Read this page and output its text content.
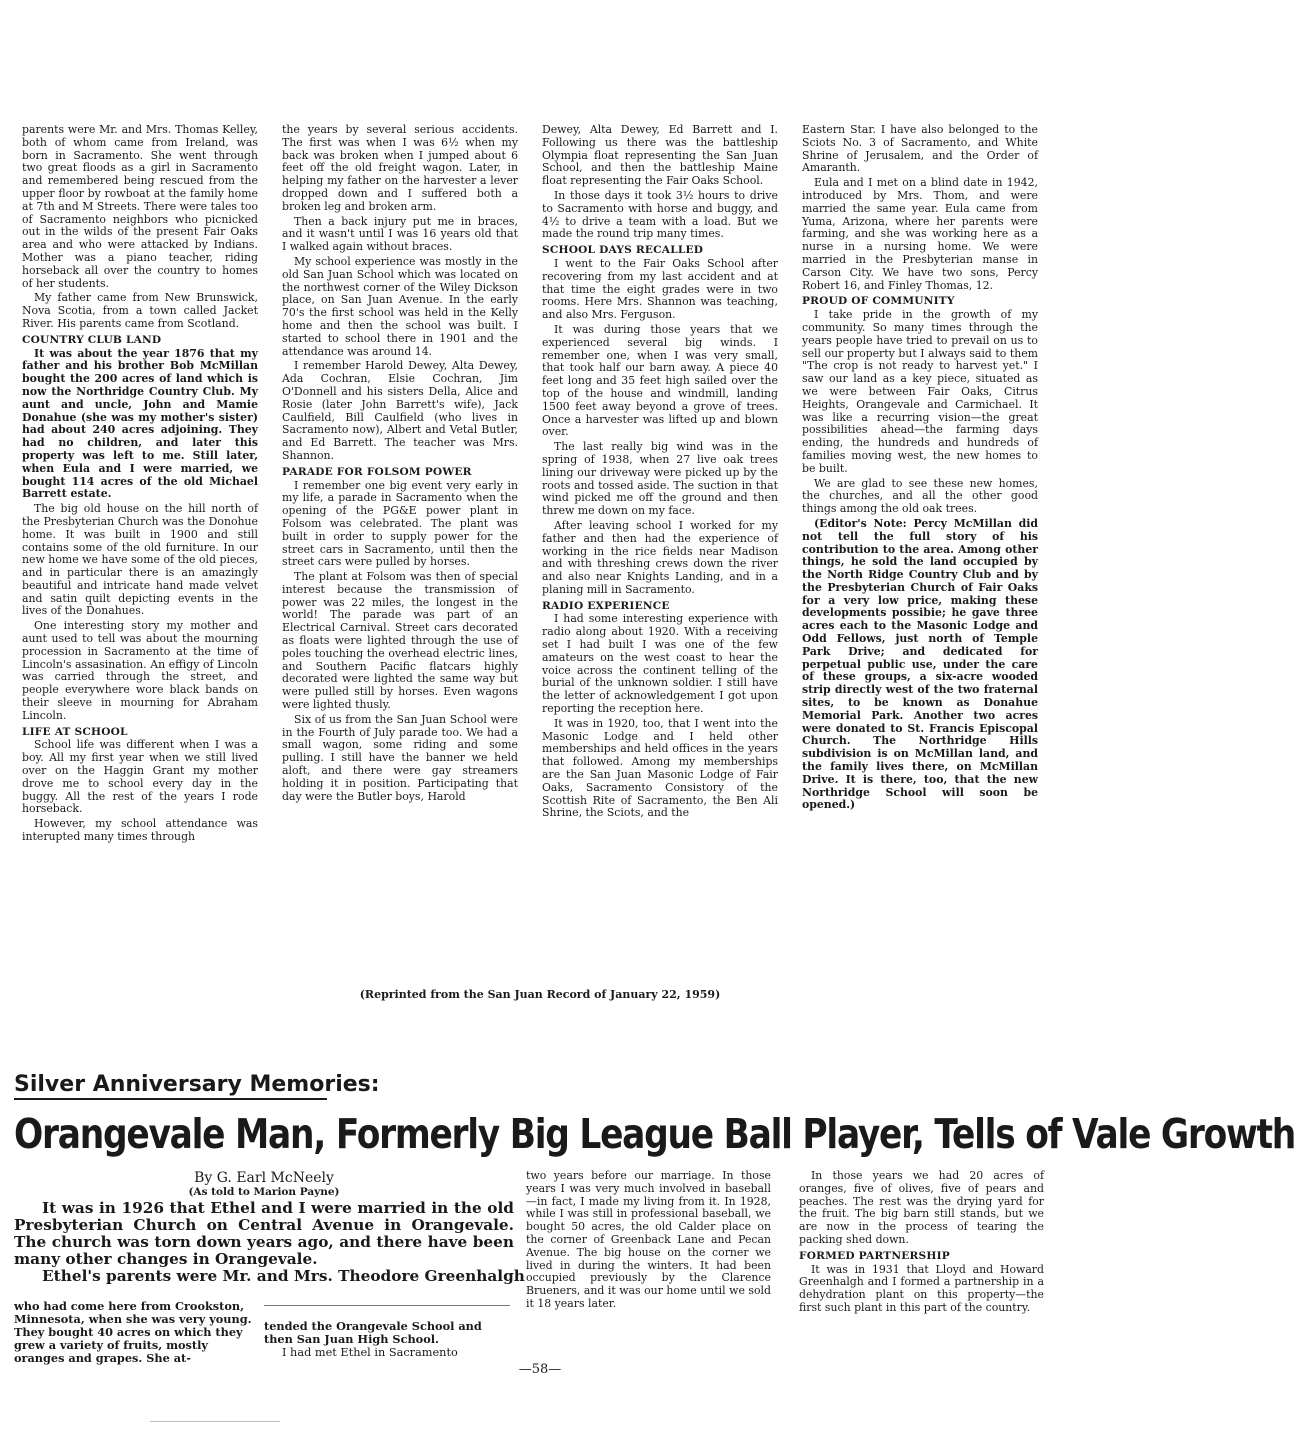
parents were Mr. and Mrs. Thomas Kelley, both of whom came from Ireland, was born in Sacramento. She went through two great floods as a girl in Sacramento and remembered being rescued from the upper floor by rowboat at the family home at 7th and M Streets. There were tales too of Sacramento neighbors who picnicked out in the wilds of the present Fair Oaks area and who were attacked by Indians. Mother was a piano teacher, riding horseback all over the country to homes of her students.

My father came from New Brunswick, Nova Scotia, from a town called Jacket River. His parents came from Scotland.

COUNTRY CLUB LAND

It was about the year 1876 that my father and his brother Bob McMillan bought the 200 acres of land which is now the Northridge Country Club. My aunt and uncle, John and Mamie Donahue (she was my mother's sister) had about 240 acres adjoining. They had no children, and later this property was left to me. Still later, when Eula and I were married, we bought 114 acres of the old Michael Barrett estate.

The big old house on the hill north of the Presbyterian Church was the Donohue home. It was built in 1900 and still contains some of the old furniture. In our new home we have some of the old pieces, and in particular there is an amazingly beautiful and intricate hand made velvet and satin quilt depicting events in the lives of the Donahues.

One interesting story my mother and aunt used to tell was about the mourning procession in Sacramento at the time of Lincoln's assasination. An effigy of Lincoln was carried through the street, and people everywhere wore black bands on their sleeve in mourning for Abraham Lincoln.

LIFE AT SCHOOL

School life was different when I was a boy. All my first year when we still lived over on the Haggin Grant my mother drove me to school every day in the buggy. All the rest of the years I rode horseback.

However, my school attendance was interupted many times through

the years by several serious accidents. The first was when I was 6½ when my back was broken when I jumped about 6 feet off the old freight wagon. Later, in helping my father on the harvester a lever dropped down and I suffered both a broken leg and broken arm.

Then a back injury put me in braces, and it wasn't until I was 16 years old that I walked again without braces.

My school experience was mostly in the old San Juan School which was located on the northwest corner of the Wiley Dickson place, on San Juan Avenue. In the early 70's the first school was held in the Kelly home and then the school was built. I started to school there in 1901 and the attendance was around 14.

I remember Harold Dewey, Alta Dewey, Ada Cochran, Elsie Cochran, Jim O'Donnell and his sisters Della, Alice and Rosie (later John Barrett's wife), Jack Caulfield, Bill Caulfield (who lives in Sacramento now), Albert and Vetal Butler, and Ed Barrett. The teacher was Mrs. Shannon.

PARADE FOR FOLSOM POWER

I remember one big event very early in my life, a parade in Sacramento when the opening of the PG&E power plant in Folsom was celebrated. The plant was built in order to supply power for the street cars in Sacramento, until then the street cars were pulled by horses.

The plant at Folsom was then of special interest because the transmission of power was 22 miles, the longest in the world! The parade was part of an Electrical Carnival. Street cars decorated as floats were lighted through the use of poles touching the overhead electric lines, and Southern Pacific flatcars highly decorated were lighted the same way but were pulled still by horses. Even wagons were lighted thusly.

Six of us from the San Juan School were in the Fourth of July parade too. We had a small wagon, some riding and some pulling. I still have the banner we held aloft, and there were gay streamers holding it in position. Participating that day were the Butler boys, Harold

Dewey, Alta Dewey, Ed Barrett and I. Following us there was the battleship Olympia float representing the San Juan School, and then the battleship Maine float representing the Fair Oaks School.

In those days it took 3½ hours to drive to Sacramento with horse and buggy, and 4½ to drive a team with a load. But we made the round trip many times.

SCHOOL DAYS RECALLED

I went to the Fair Oaks School after recovering from my last accident and at that time the eight grades were in two rooms. Here Mrs. Shannon was teaching, and also Mrs. Ferguson.

It was during those years that we experienced several big winds. I remember one, when I was very small, that took half our barn away. A piece 40 feet long and 35 feet high sailed over the top of the house and windmill, landing 1500 feet away beyond a grove of trees. Once a harvester was lifted up and blown over.

The last really big wind was in the spring of 1938, when 27 live oak trees lining our driveway were picked up by the roots and tossed aside. The suction in that wind picked me off the ground and then threw me down on my face.

After leaving school I worked for my father and then had the experience of working in the rice fields near Madison and with threshing crews down the river and also near Knights Landing, and in a planing mill in Sacramento.

RADIO EXPERIENCE

I had some interesting experience with radio along about 1920. With a receiving set I had built I was one of the few amateurs on the west coast to hear the voice across the continent telling of the burial of the unknown soldier. I still have the letter of acknowledgement I got upon reporting the reception here.

It was in 1920, too, that I went into the Masonic Lodge and I held other memberships and held offices in the years that followed. Among my memberships are the San Juan Masonic Lodge of Fair Oaks, Sacramento Consistory of the Scottish Rite of Sacramento, the Ben Ali Shrine, the Sciots, and the

Eastern Star. I have also belonged to the Sciots No. 3 of Sacramento, and White Shrine of Jerusalem, and the Order of Amaranth.

Eula and I met on a blind date in 1942, introduced by Mrs. Thom, and were married the same year. Eula came from Yuma, Arizona, where her parents were farming, and she was working here as a nurse in a nursing home. We were married in the Presbyterian manse in Carson City. We have two sons, Percy Robert 16, and Finley Thomas, 12.

PROUD OF COMMUNITY

I take pride in the growth of my community. So many times through the years people have tried to prevail on us to sell our property but I always said to them "The crop is not ready to harvest yet." I saw our land as a key piece, situated as we were between Fair Oaks, Citrus Heights, Orangevale and Carmichael. It was like a recurring vision—the great possibilities ahead—the farming days ending, the hundreds and hundreds of families moving west, the new homes to be built.

We are glad to see these new homes, the churches, and all the other good things among the old oak trees.

(Editor's Note: Percy McMillan did not tell the full story of his contribution to the area. Among other things, he sold the land occupied by the North Ridge Country Club and by the Presbyterian Church of Fair Oaks for a very low price, making these developments possibie; he gave three acres each to the Masonic Lodge and Odd Fellows, just north of Temple Park Drive; and dedicated for perpetual public use, under the care of these groups, a six-acre wooded strip directly west of the two fraternal sites, to be known as Donahue Memorial Park. Another two acres were donated to St. Francis Episcopal Church. The Northridge Hills subdivision is on McMillan land, and the family lives there, on McMillan Drive. It is there, too, that the new Northridge School will soon be opened.)

(Reprinted from the San Juan Record of January 22, 1959)
Silver Anniversary Memories:
Orangevale Man, Formerly Big League Ball Player, Tells of Vale Growth
By G. Earl McNeely
(As told to Marion Payne)

It was in 1926 that Ethel and I were married in the old Presbyterian Church on Central Avenue in Orangevale. The church was torn down years ago, and there have been many other changes in Orangevale.

Ethel's parents were Mr. and Mrs. Theodore Greenhalgh

who had come here from Crookston, Minnesota, when she was very young. They bought 40 acres on which they grew a variety of fruits, mostly oranges and grapes. She at-

tended the Orangevale School and then San Juan High School.

I had met Ethel in Sacramento

two years before our marriage. In those years I was very much involved in baseball—in fact, I made my living from it. In 1928, while I was still in professional baseball, we bought 50 acres, the old Calder place on the corner of Greenback Lane and Pecan Avenue. The big house on the corner we lived in during the winters. It had been occupied previously by the Clarence Brueners, and it was our home until we sold it 18 years later.

In those years we had 20 acres of oranges, five of olives, five of pears and peaches. The rest was the drying yard for the fruit. The big barn still stands, but we are now in the process of tearing the packing shed down.

FORMED PARTNERSHIP

It was in 1931 that Lloyd and Howard Greenhalgh and I formed a partnership in a dehydration plant on this property—the first such plant in this part of the country.

—58—
